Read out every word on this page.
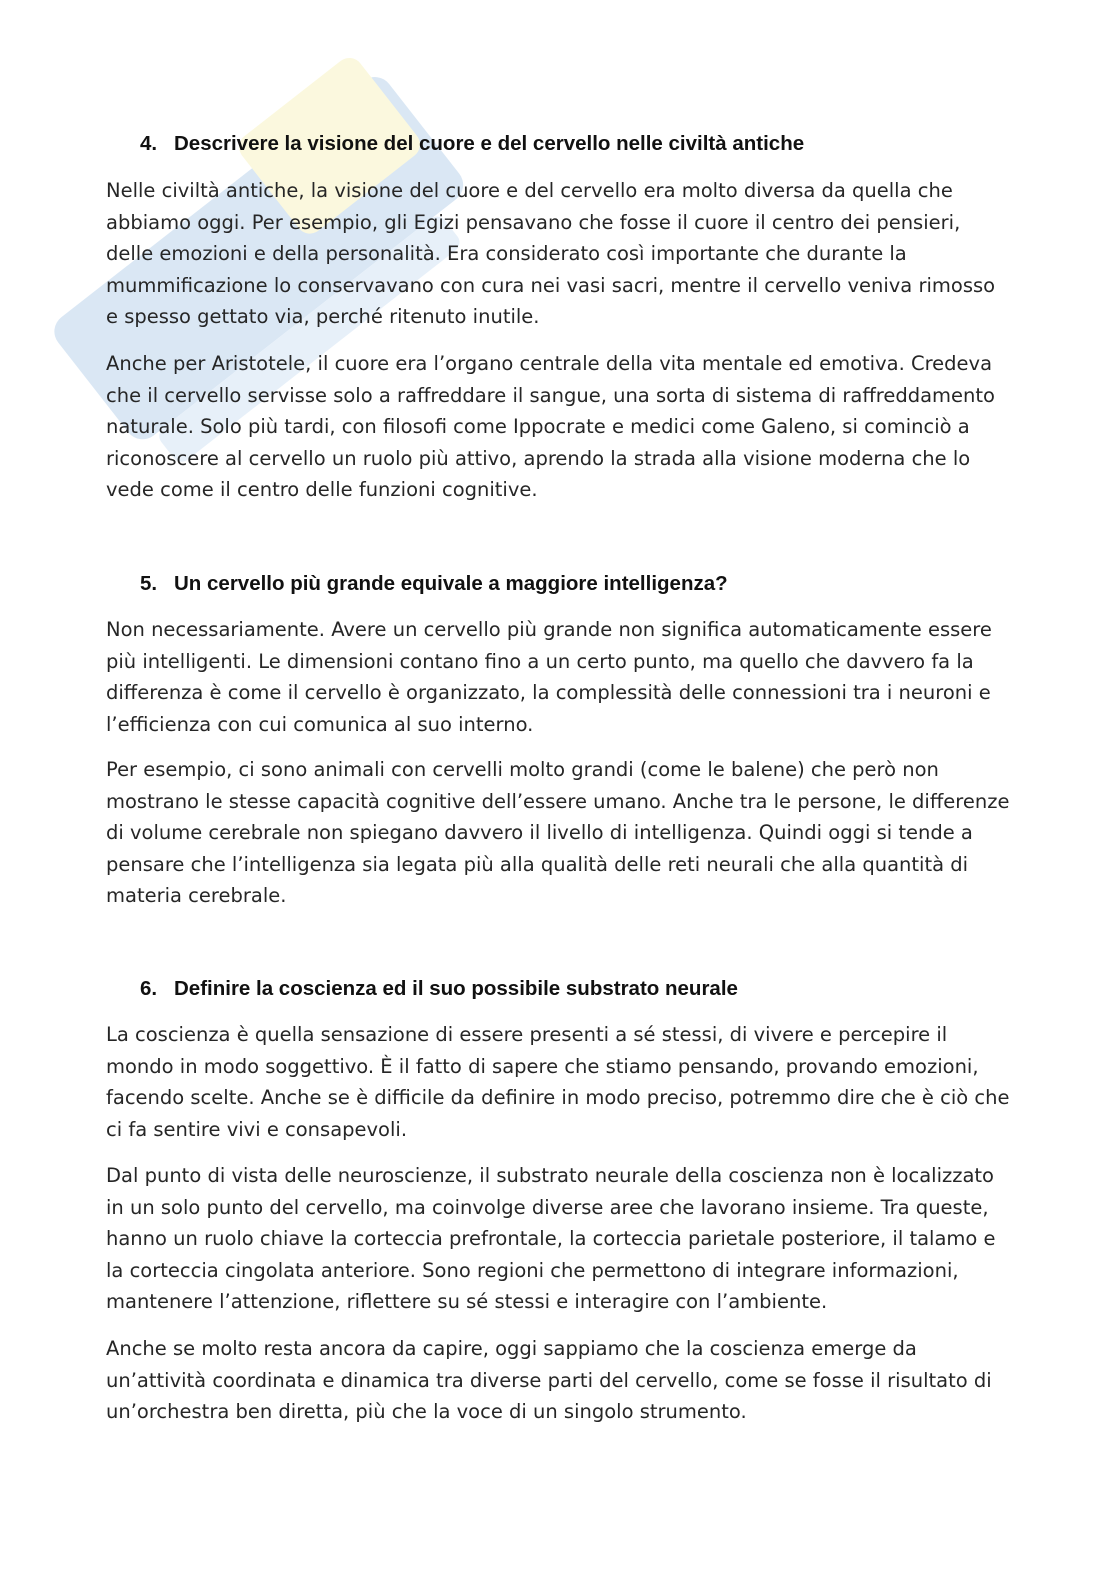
4. Descrivere la visione del cuore e del cervello nelle civiltà antiche

Nelle civiltà antiche, la visione del cuore e del cervello era molto diversa da quella che abbiamo oggi. Per esempio, gli Egizi pensavano che fosse il cuore il centro dei pensieri, delle emozioni e della personalità. Era considerato così importante che durante la mummificazione lo conservavano con cura nei vasi sacri, mentre il cervello veniva rimosso e spesso gettato via, perché ritenuto inutile.

Anche per Aristotele, il cuore era l’organo centrale della vita mentale ed emotiva. Credeva che il cervello servisse solo a raffreddare il sangue, una sorta di sistema di raffreddamento naturale. Solo più tardi, con filosofi come Ippocrate e medici come Galeno, si cominciò a riconoscere al cervello un ruolo più attivo, aprendo la strada alla visione moderna che lo vede come il centro delle funzioni cognitive.

5. Un cervello più grande equivale a maggiore intelligenza?

Non necessariamente. Avere un cervello più grande non significa automaticamente essere più intelligenti. Le dimensioni contano fino a un certo punto, ma quello che davvero fa la differenza è come il cervello è organizzato, la complessità delle connessioni tra i neuroni e l’efficienza con cui comunica al suo interno.

Per esempio, ci sono animali con cervelli molto grandi (come le balene) che però non mostrano le stesse capacità cognitive dell’essere umano. Anche tra le persone, le differenze di volume cerebrale non spiegano davvero il livello di intelligenza. Quindi oggi si tende a pensare che l’intelligenza sia legata più alla qualità delle reti neurali che alla quantità di materia cerebrale.

6. Definire la coscienza ed il suo possibile substrato neurale

La coscienza è quella sensazione di essere presenti a sé stessi, di vivere e percepire il mondo in modo soggettivo. È il fatto di sapere che stiamo pensando, provando emozioni, facendo scelte. Anche se è difficile da definire in modo preciso, potremmo dire che è ciò che ci fa sentire vivi e consapevoli.

Dal punto di vista delle neuroscienze, il substrato neurale della coscienza non è localizzato in un solo punto del cervello, ma coinvolge diverse aree che lavorano insieme. Tra queste, hanno un ruolo chiave la corteccia prefrontale, la corteccia parietale posteriore, il talamo e la corteccia cingolata anteriore. Sono regioni che permettono di integrare informazioni, mantenere l’attenzione, riflettere su sé stessi e interagire con l’ambiente.

Anche se molto resta ancora da capire, oggi sappiamo che la coscienza emerge da un’attività coordinata e dinamica tra diverse parti del cervello, come se fosse il risultato di un’orchestra ben diretta, più che la voce di un singolo strumento.
